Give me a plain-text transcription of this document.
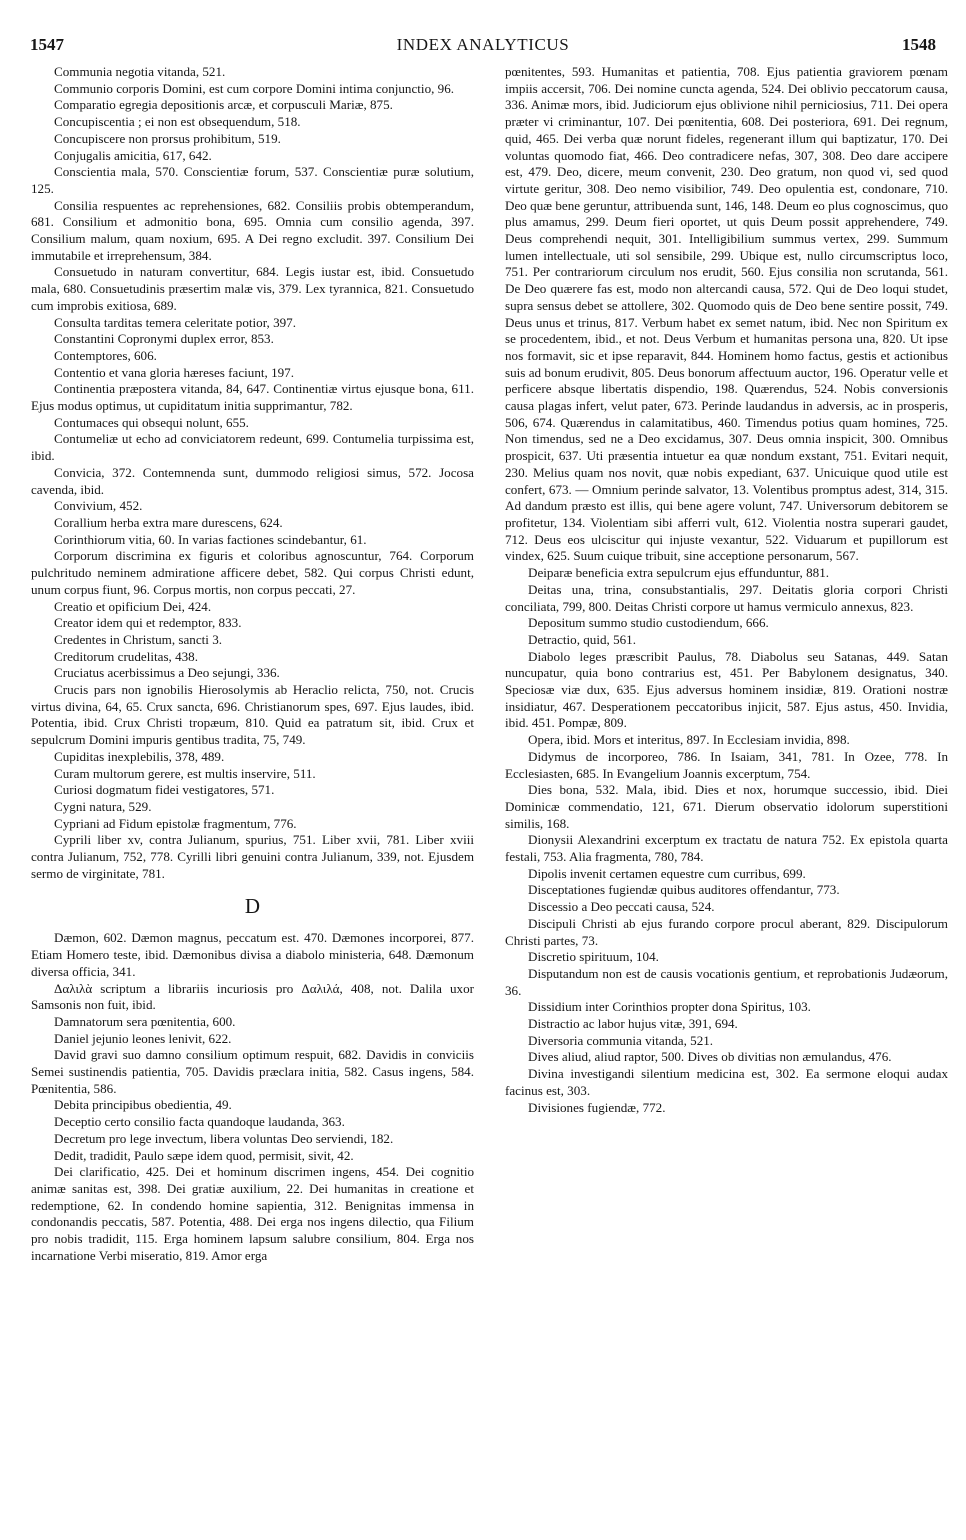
1547	INDEX ANALYTICUS	1548

Communia negotia vitanda, 521.

Communio corporis Domini, est cum corpore Domini intima conjunctio, 96.

Comparatio egregia depositionis arcæ, et corpusculi Mariæ, 875.

Concupiscentia ; ei non est obsequendum, 518.

Concupiscere non prorsus prohibitum, 519.

Conjugalis amicitia, 617, 642.

Conscientia mala, 570. Conscientiæ forum, 537. Conscientiæ puræ solutium, 125.

Consilia respuentes ac reprehensiones, 682. Consiliis probis obtemperandum, 681. Consilium et admonitio bona, 695. Omnia cum consilio agenda, 397. Consilium malum, quam noxium, 695. A Dei regno excludit. 397. Consilium Dei immutabile et irreprehensum, 384.

Consuetudo in naturam convertitur, 684. Legis iustar est, ibid. Consuetudo mala, 680. Consuetudinis præsertim malæ vis, 379. Lex tyrannica, 821. Consuetudo cum improbis exitiosa, 689.

Consulta tarditas temera celeritate potior, 397.

Constantini Copronymi duplex error, 853.

Contemptores, 606.

Contentio et vana gloria hæreses faciunt, 197.

Continentia præpostera vitanda, 84, 647. Continentiæ virtus ejusque bona, 611. Ejus modus optimus, ut cupiditatum initia supprimantur, 782.

Contumaces qui obsequi nolunt, 655.

Contumeliæ ut echo ad conviciatorem redeunt, 699. Contumelia turpissima est, ibid.

Convicia, 372. Contemnenda sunt, dummodo religiosi simus, 572. Jocosa cavenda, ibid.

Convivium, 452.

Corallium herba extra mare durescens, 624.

Corinthiorum vitia, 60. In varias factiones scindebantur, 61.

Corporum discrimina ex figuris et coloribus agnoscuntur, 764. Corporum pulchritudo neminem admiratione afficere debet, 582. Qui corpus Christi edunt, unum corpus fiunt, 96. Corpus mortis, non corpus peccati, 27.

Creatio et opificium Dei, 424.

Creator idem qui et redemptor, 833.

Credentes in Christum, sancti 3.

Creditorum crudelitas, 438.

Cruciatus acerbissimus a Deo sejungi, 336.

Crucis pars non ignobilis Hierosolymis ab Heraclio relicta, 750, not. Crucis virtus divina, 64, 65. Crux sancta, 696. Christianorum spes, 697. Ejus laudes, ibid. Potentia, ibid. Crux Christi tropæum, 810. Quid ea patratum sit, ibid. Crux et sepulcrum Domini impuris gentibus tradita, 75, 749.

Cupiditas inexplebilis, 378, 489.

Curam multorum gerere, est multis inservire, 511.

Curiosi dogmatum fidei vestigatores, 571.

Cygni natura, 529.

Cypriani ad Fidum epistolæ fragmentum, 776.

Cyprili liber xv, contra Julianum, spurius, 751. Liber xvii, 781. Liber xviii contra Julianum, 752, 778. Cyrilli libri genuini contra Julianum, 339, not. Ejusdem sermo de virginitate, 781.

D

Dæmon, 602. Dæmon magnus, peccatum est. 470. Dæmones incorporei, 877. Etiam Homero teste, ibid. Dæmonibus divisa a diabolo ministeria, 648. Dæmonum diversa officia, 341.

Δαλιλὰ scriptum a librariis incuriosis pro Δαλιλά, 408, not. Dalila uxor Samsonis non fuit, ibid.

Damnatorum sera pœnitentia, 600.

Daniel jejunio leones lenivit, 622.

David gravi suo damno consilium optimum respuit, 682. Davidis in conviciis Semei sustinendis patientia, 705. Davidis præclara initia, 582. Casus ingens, 584. Pœnitentia, 586.

Debita principibus obedientia, 49.

Deceptio certo consilio facta quandoque laudanda, 363.

Decretum pro lege invectum, libera voluntas Deo serviendi, 182.

Dedit, tradidit, Paulo sæpe idem quod, permisit, sivit, 42.

Dei clarificatio, 425. Dei et hominum discrimen ingens, 454. Dei cognitio animæ sanitas est, 398. Dei gratiæ auxilium, 22. Dei humanitas in creatione et redemptione, 62. In condendo homine sapientia, 312. Benignitas immensa in condonandis peccatis, 587. Potentia, 488. Dei erga nos ingens dilectio, qua Filium pro nobis tradidit, 115. Erga hominem lapsum salubre consilium, 804. Erga nos incarnatione Verbi miseratio, 819. Amor erga

pœnitentes, 593. Humanitas et patientia, 708. Ejus patientia graviorem pœnam impiis accersit, 706. Dei nomine cuncta agenda, 524. Dei oblivio peccatorum causa, 336. Animæ mors, ibid. Judiciorum ejus oblivione nihil perniciosius, 711. Dei opera præter vi criminantur, 107. Dei pœnitentia, 608. Dei posteriora, 691. Dei regnum, quid, 465. Dei verba quæ norunt fideles, regenerant illum qui baptizatur, 170. Dei voluntas quomodo fiat, 466. Deo contradicere nefas, 307, 308. Deo dare accipere est, 479. Deo, dicere, meum convenit, 230. Deo gratum, non quod vi, sed quod virtute geritur, 308. Deo nemo visibilior, 749. Deo opulentia est, condonare, 710. Deo quæ bene geruntur, attribuenda sunt, 146, 148. Deum eo plus cognoscimus, quo plus amamus, 299. Deum fieri oportet, ut quis Deum possit apprehendere, 749. Deus comprehendi nequit, 301. Intelligibilium summus vertex, 299. Summum lumen intellectuale, uti sol sensibile, 299. Ubique est, nullo circumscriptus loco, 751. Per contrariorum circulum nos erudit, 560. Ejus consilia non scrutanda, 561. De Deo quærere fas est, modo non altercandi causa, 572. Qui de Deo loqui studet, supra sensus debet se attollere, 302. Quomodo quis de Deo bene sentire possit, 749. Deus unus et trinus, 817. Verbum habet ex semet natum, ibid. Nec non Spiritum ex se procedentem, ibid., et not. Deus Verbum et humanitas persona una, 820. Ut ipse nos formavit, sic et ipse reparavit, 844. Hominem homo factus, gestis et actionibus suis ad bonum erudivit, 805. Deus bonorum affectuum auctor, 196. Operatur velle et perficere absque libertatis dispendio, 198. Quærendus, 524. Nobis conversionis causa plagas infert, velut pater, 673. Perinde laudandus in adversis, ac in prosperis, 506, 674. Quærendus in calamitatibus, 460. Timendus potius quam homines, 725. Non timendus, sed ne a Deo excidamus, 307. Deus omnia inspicit, 300. Omnibus prospicit, 637. Uti præsentia intuetur ea quæ nondum exstant, 751. Evitari nequit, 230. Melius quam nos novit, quæ nobis expediant, 637. Unicuique quod utile est confert, 673. — Omnium perinde salvator, 13. Volentibus promptus adest, 314, 315. Ad dandum præsto est illis, qui bene agere volunt, 747. Universorum debitorem se profitetur, 134. Violentiam sibi afferri vult, 612. Violentia nostra superari gaudet, 712. Deus eos ulciscitur qui injuste vexantur, 522. Viduarum et pupillorum est vindex, 625. Suum cuique tribuit, sine acceptione personarum, 567.

Deiparæ beneficia extra sepulcrum ejus effunduntur, 881.

Deitas una, trina, consubstantialis, 297. Deitatis gloria corpori Christi conciliata, 799, 800. Deitas Christi corpore ut hamus vermiculo annexus, 823.

Depositum summo studio custodiendum, 666.

Detractio, quid, 561.

Diabolo leges præscribit Paulus, 78. Diabolus seu Satanas, 449. Satan nuncupatur, quia bono contrarius est, 451. Per Babylonem designatus, 340. Speciosæ viæ dux, 635. Ejus adversus hominem insidiæ, 819. Orationi nostræ insidiatur, 467. Desperationem peccatoribus injicit, 587. Ejus astus, 450. Invidia, ibid. 451. Pompæ, 809.

Opera, ibid. Mors et interitus, 897. In Ecclesiam invidia, 898.

Didymus de incorporeo, 786. In Isaiam, 341, 781. In Ozee, 778. In Ecclesiasten, 685. In Evangelium Joannis excerptum, 754.

Dies bona, 532. Mala, ibid. Dies et nox, horumque successio, ibid. Diei Dominicæ commendatio, 121, 671. Dierum observatio idolorum superstitioni similis, 168.

Dionysii Alexandrini excerptum ex tractatu de natura 752. Ex epistola quarta festali, 753. Alia fragmenta, 780, 784.

Dipolis invenit certamen equestre cum curribus, 699.

Disceptationes fugiendæ quibus auditores offendantur, 773.

Discessio a Deo peccati causa, 524.

Discipuli Christi ab ejus furando corpore procul aberant, 829. Discipulorum Christi partes, 73.

Discretio spirituum, 104.

Disputandum non est de causis vocationis gentium, et reprobationis Judæorum, 36.

Dissidium inter Corinthios propter dona Spiritus, 103.

Distractio ac labor hujus vitæ, 391, 694.

Diversoria communia vitanda, 521.

Dives aliud, aliud raptor, 500. Dives ob divitias non æmulandus, 476.

Divina investigandi silentium medicina est, 302. Ea sermone eloqui audax facinus est, 303.

Divisiones fugiendæ, 772.
